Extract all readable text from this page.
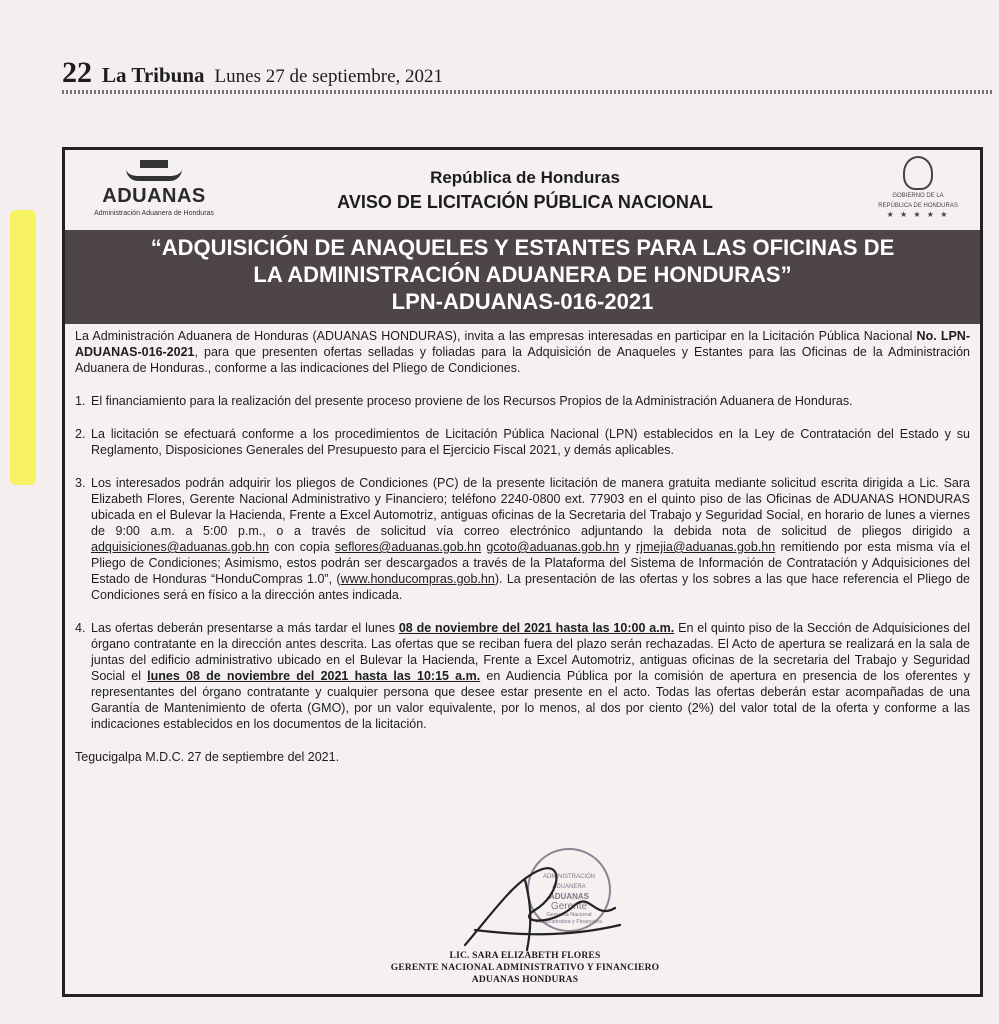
22 La Tribuna Lunes 27 de septiembre, 2021
ADUANAS
Administración Aduanera de Honduras
República de Honduras
AVISO DE LICITACIÓN PÚBLICA NACIONAL	GOBIERNO DE LA
REPÚBLICA DE HONDURAS
★ ★ ★ ★ ★
“ADQUISICIÓN DE ANAQUELES Y ESTANTES PARA LAS OFICINAS DE
LA ADMINISTRACIÓN ADUANERA DE HONDURAS”
LPN-ADUANAS-016-2021

La Administración Aduanera de Honduras (ADUANAS HONDURAS), invita a las empresas interesadas en participar en la Licitación Pública Nacional No. LPN-ADUANAS-016-2021, para que presenten ofertas selladas y foliadas para la Adquisición de Anaqueles y Estantes para las Oficinas de la Administración Aduanera de Honduras., conforme a las indicaciones del Pliego de Condiciones.

1. El financiamiento para la realización del presente proceso proviene de los Recursos Propios de la Administración Aduanera de Honduras.

2. La licitación se efectuará conforme a los procedimientos de Licitación Pública Nacional (LPN) establecidos en la Ley de Contratación del Estado y su Reglamento, Disposiciones Generales del Presupuesto para el Ejercicio Fiscal 2021, y demás aplicables.

3. Los interesados podrán adquirir los pliegos de Condiciones (PC) de la presente licitación de manera gratuita mediante solicitud escrita dirigida a Lic. Sara Elizabeth Flores, Gerente Nacional Administrativo y Financiero; teléfono 2240-0800 ext. 77903 en el quinto piso de las Oficinas de ADUANAS HONDURAS ubicada en el Bulevar la Hacienda, Frente a Excel Automotriz, antiguas oficinas de la Secretaria del Trabajo y Seguridad Social, en horario de lunes a viernes de 9:00 a.m. a 5:00 p.m., o a través de solicitud vía correo electrónico adjuntando la debida nota de solicitud de pliegos dirigido a adquisiciones@aduanas.gob.hn con copia seflores@aduanas.gob.hn gcoto@aduanas.gob.hn y rjmejia@aduanas.gob.hn remitiendo por esta misma vía el Pliego de Condiciones; Asimismo, estos podrán ser descargados a través de la Plataforma del Sistema de Información de Contratación y Adquisiciones del Estado de Honduras “HonduCompras 1.0”, (www.honducompras.gob.hn). La presentación de las ofertas y los sobres a las que hace referencia el Pliego de Condiciones será en físico a la dirección antes indicada.

4. Las ofertas deberán presentarse a más tardar el lunes 08 de noviembre del 2021 hasta las 10:00 a.m. En el quinto piso de la Sección de Adquisiciones del órgano contratante en la dirección antes descrita. Las ofertas que se reciban fuera del plazo serán rechazadas. El Acto de apertura se realizará en la sala de juntas del edificio administrativo ubicado en el Bulevar la Hacienda, Frente a Excel Automotriz, antiguas oficinas de la secretaria del Trabajo y Seguridad Social el lunes 08 de noviembre del 2021 hasta las 10:15 a.m. en Audiencia Pública por la comisión de apertura en presencia de los oferentes y representantes del órgano contratante y cualquier persona que desee estar presente en el acto. Todas las ofertas deberán estar acompañadas de una Garantía de Mantenimiento de oferta (GMO), por un valor equivalente, por lo menos, al dos por ciento (2%) del valor total de la oferta y conforme a las indicaciones establecidos en los documentos de la licitación.

Tegucigalpa M.D.C. 27 de septiembre del 2021.

ADMINISTRACIÓN ADUANERA
ADUANAS
Gerente
Gerencia Nacional Administrativa y Financiera
LIC. SARA ELIZABETH FLORES
GERENTE NACIONAL ADMINISTRATIVO Y FINANCIERO
ADUANAS HONDURAS
